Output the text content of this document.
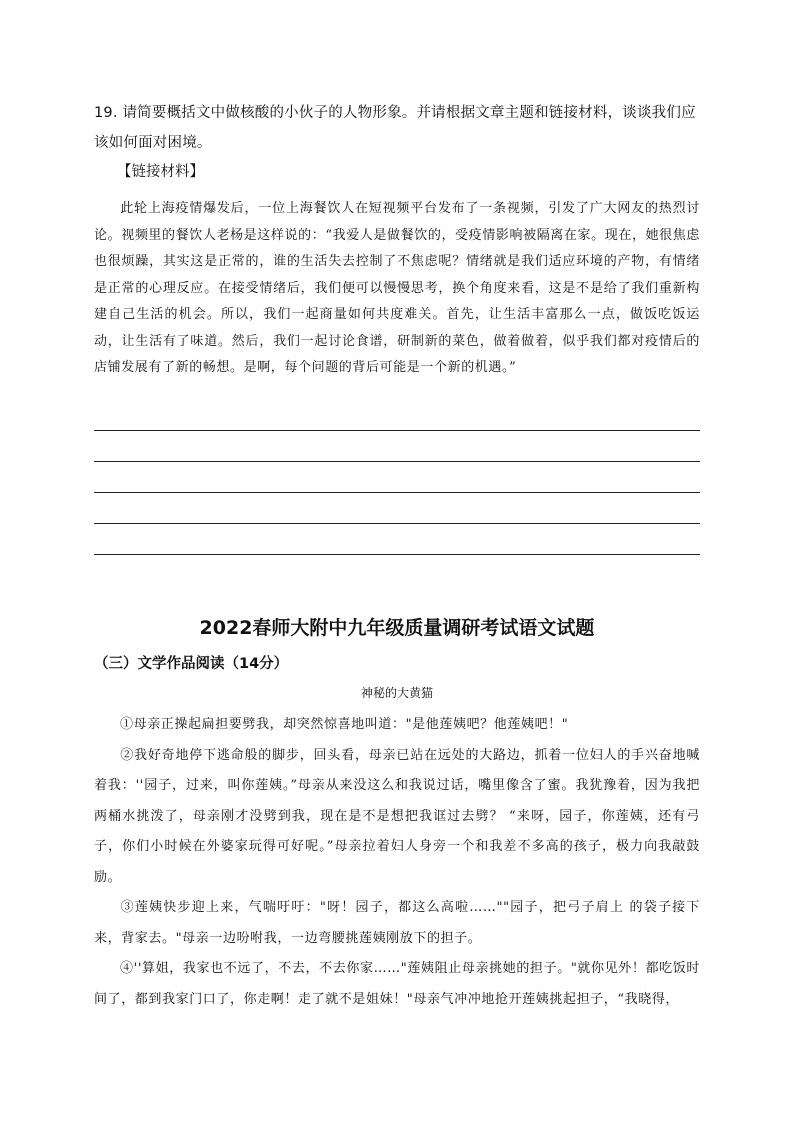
19. 请简要概括文中做核酸的小伙子的人物形象。并请根据文章主题和链接材料，谈谈我们应该如何面对困境。
【链接材料】
此轮上海疫情爆发后，一位上海餐饮人在短视频平台发布了一条视频，引发了广大网友的热烈讨论。视频里的餐饮人老杨是这样说的：“我爱人是做餐饮的，受疫情影响被隔离在家。现在，她很焦虑也很烦躁，其实这是正常的，谁的生活失去控制了不焦虑呢？情绪就是我们适应环境的产物，有情绪是正常的心理反应。在接受情绪后，我们便可以慢慢思考，换个角度来看，这是不是给了我们重新构建自己生活的机会。所以，我们一起商量如何共度难关。首先，让生活丰富那么一点，做饭吃饭运动，让生活有了味道。然后，我们一起讨论食谱，研制新的菜色，做着做着，似乎我们都对疫情后的店铺发展有了新的畅想。是啊，每个问题的背后可能是一个新的机遇。”
2022春师大附中九年级质量调研考试语文试题
（三）文学作品阅读（14分）
神秘的大黄猫

①母亲正操起扁担要劈我，却突然惊喜地叫道："是他莲姨吧？他莲姨吧！"

②我好奇地停下逃命般的脚步，回头看，母亲已站在远处的大路边，抓着一位妇人的手兴奋地喊着我：''园子，过来，叫你莲姨。”母亲从来没这么和我说过话，嘴里像含了蜜。我犹豫着，因为我把两桶水挑泼了，母亲刚才没劈到我，现在是不是想把我诓过去劈？ “来呀，园子，你莲姨，还有弓子，你们小时候在外婆家玩得可好呢。”母亲拉着妇人身旁一个和我差不多高的孩子，极力向我敲鼓励。

③莲姨快步迎上来，气喘吁吁："呀！园子，都这么高啦……""园子，把弓子肩上 的袋子接下来，背家去。"母亲一边吩咐我，一边弯腰挑莲姨刚放下的担子。

④''算姐，我家也不远了，不去，不去你家……"莲姨阻止母亲挑她的担子。"就你见外！都吃饭时间了，都到我家门口了，你走啊！走了就不是姐妹！"母亲气冲冲地抢开莲姨挑起担子，“我晓得，
